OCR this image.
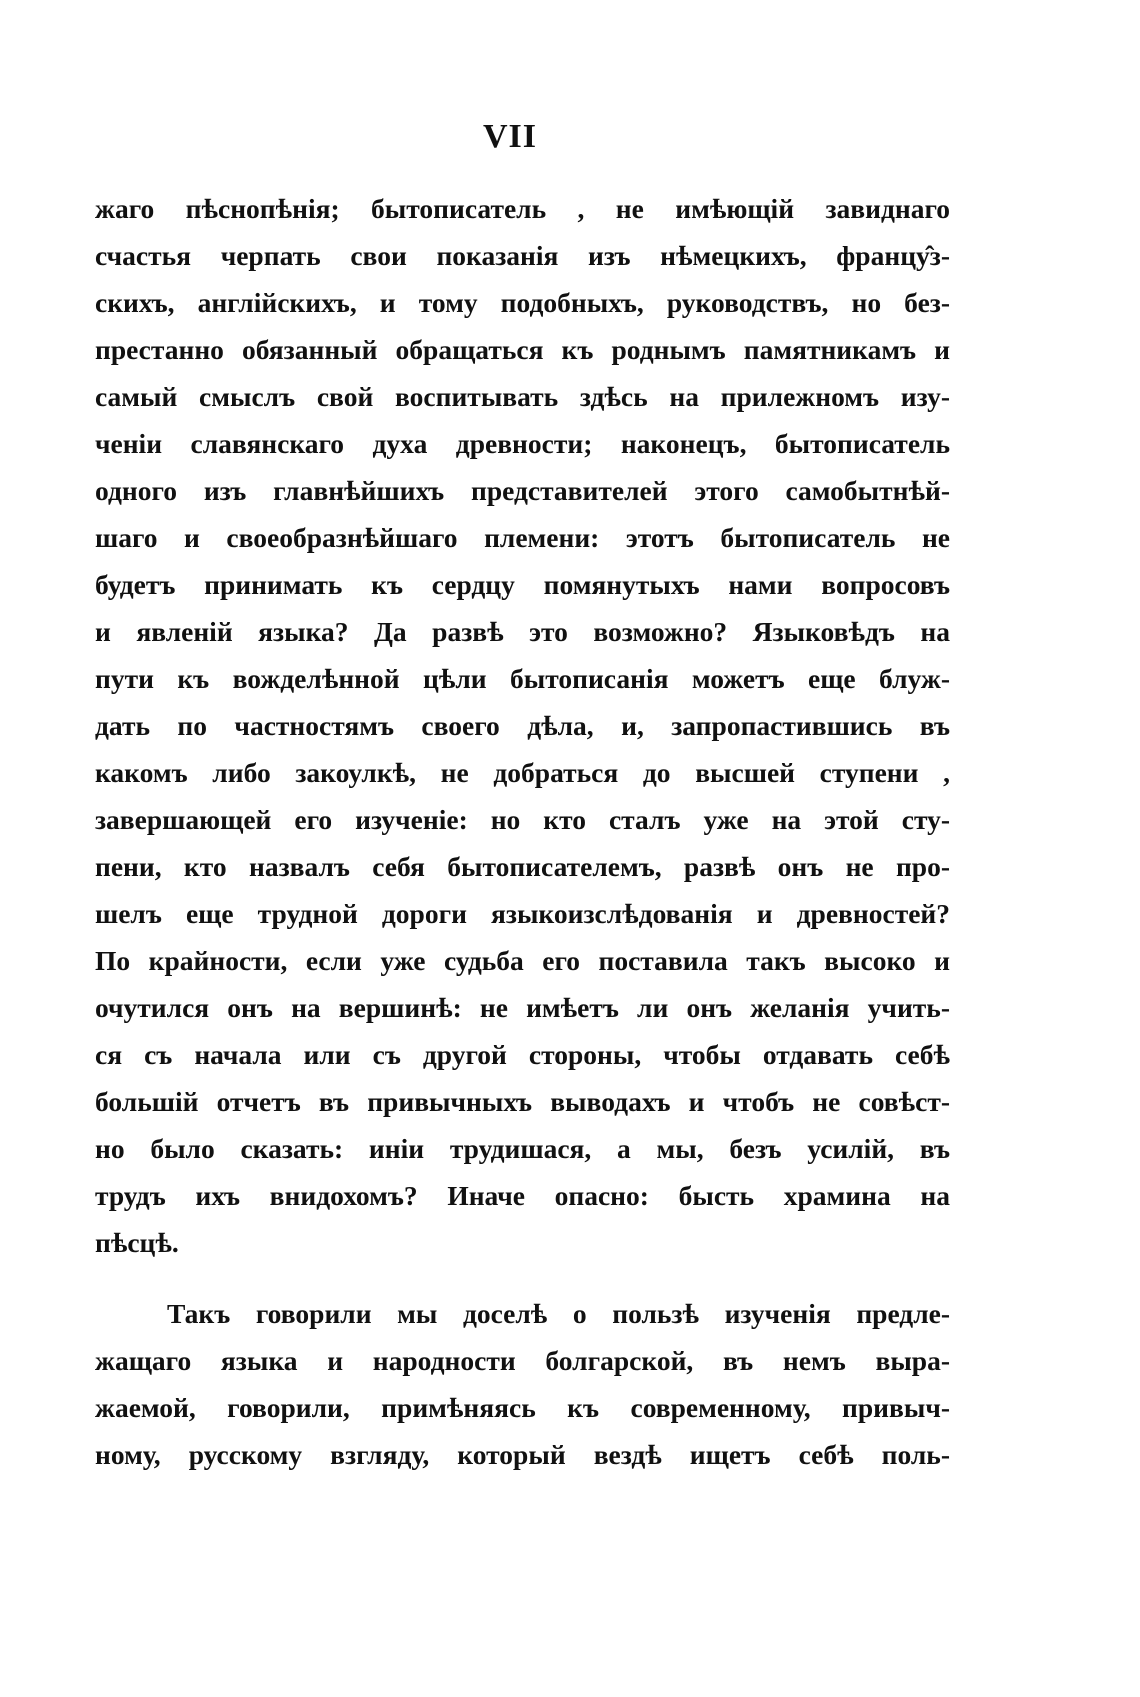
VII
жаго пѣснопѣнія; бытописатель , не имѣющій завиднаго
счастья черпать свои показанія изъ нѣмецкихъ, францу̂з-
скихъ, англійскихъ, и тому подобныхъ, руководствъ, но без-
престанно обязанный обращаться къ роднымъ памятникамъ и
самый смыслъ свой воспитывать здѣсь на прилежномъ изу-
ченіи славянскаго духа древности; наконецъ, бытописатель
одного изъ главнѣйшихъ представителей этого самобытнѣй-
шаго и своеобразнѣйшаго племени: этотъ бытописатель не
будетъ принимать къ сердцу помянутыхъ нами вопросовъ
и явленій языка? Да развѣ это возможно? Языковѣдъ на
пути къ вожделѣнной цѣли бытописанія можетъ еще блуж-
дать по частностямъ своего дѣла, и, запропастившись въ
какомъ либо закоулкѣ, не добраться до высшей ступени ,
завершающей его изученіе: но кто сталъ уже на этой сту-
пени, кто назвалъ себя бытописателемъ, развѣ онъ не про-
шелъ еще трудной дороги языкоизслѣдованія и древностей?
По крайности, если уже судьба его поставила такъ высоко и
очутился онъ на вершинѣ: не имѣетъ ли онъ желанія учить-
ся съ начала или съ другой стороны, чтобы отдавать себѣ
большій отчетъ въ привычныхъ выводахъ и чтобъ не совѣст-
но было сказать: иніи трудишася, а мы, безъ усилій, въ
трудъ ихъ внидохомъ? Иначе опасно: бысть храмина на
пѣсцѣ.
Такъ говорили мы доселѣ о пользѣ изученія предле-
жащаго языка и народности болгарской, въ немъ выра-
жаемой, говорили, примѣняясь къ современному, привыч-
ному, русскому взгляду, который вездѣ ищетъ себѣ поль-
